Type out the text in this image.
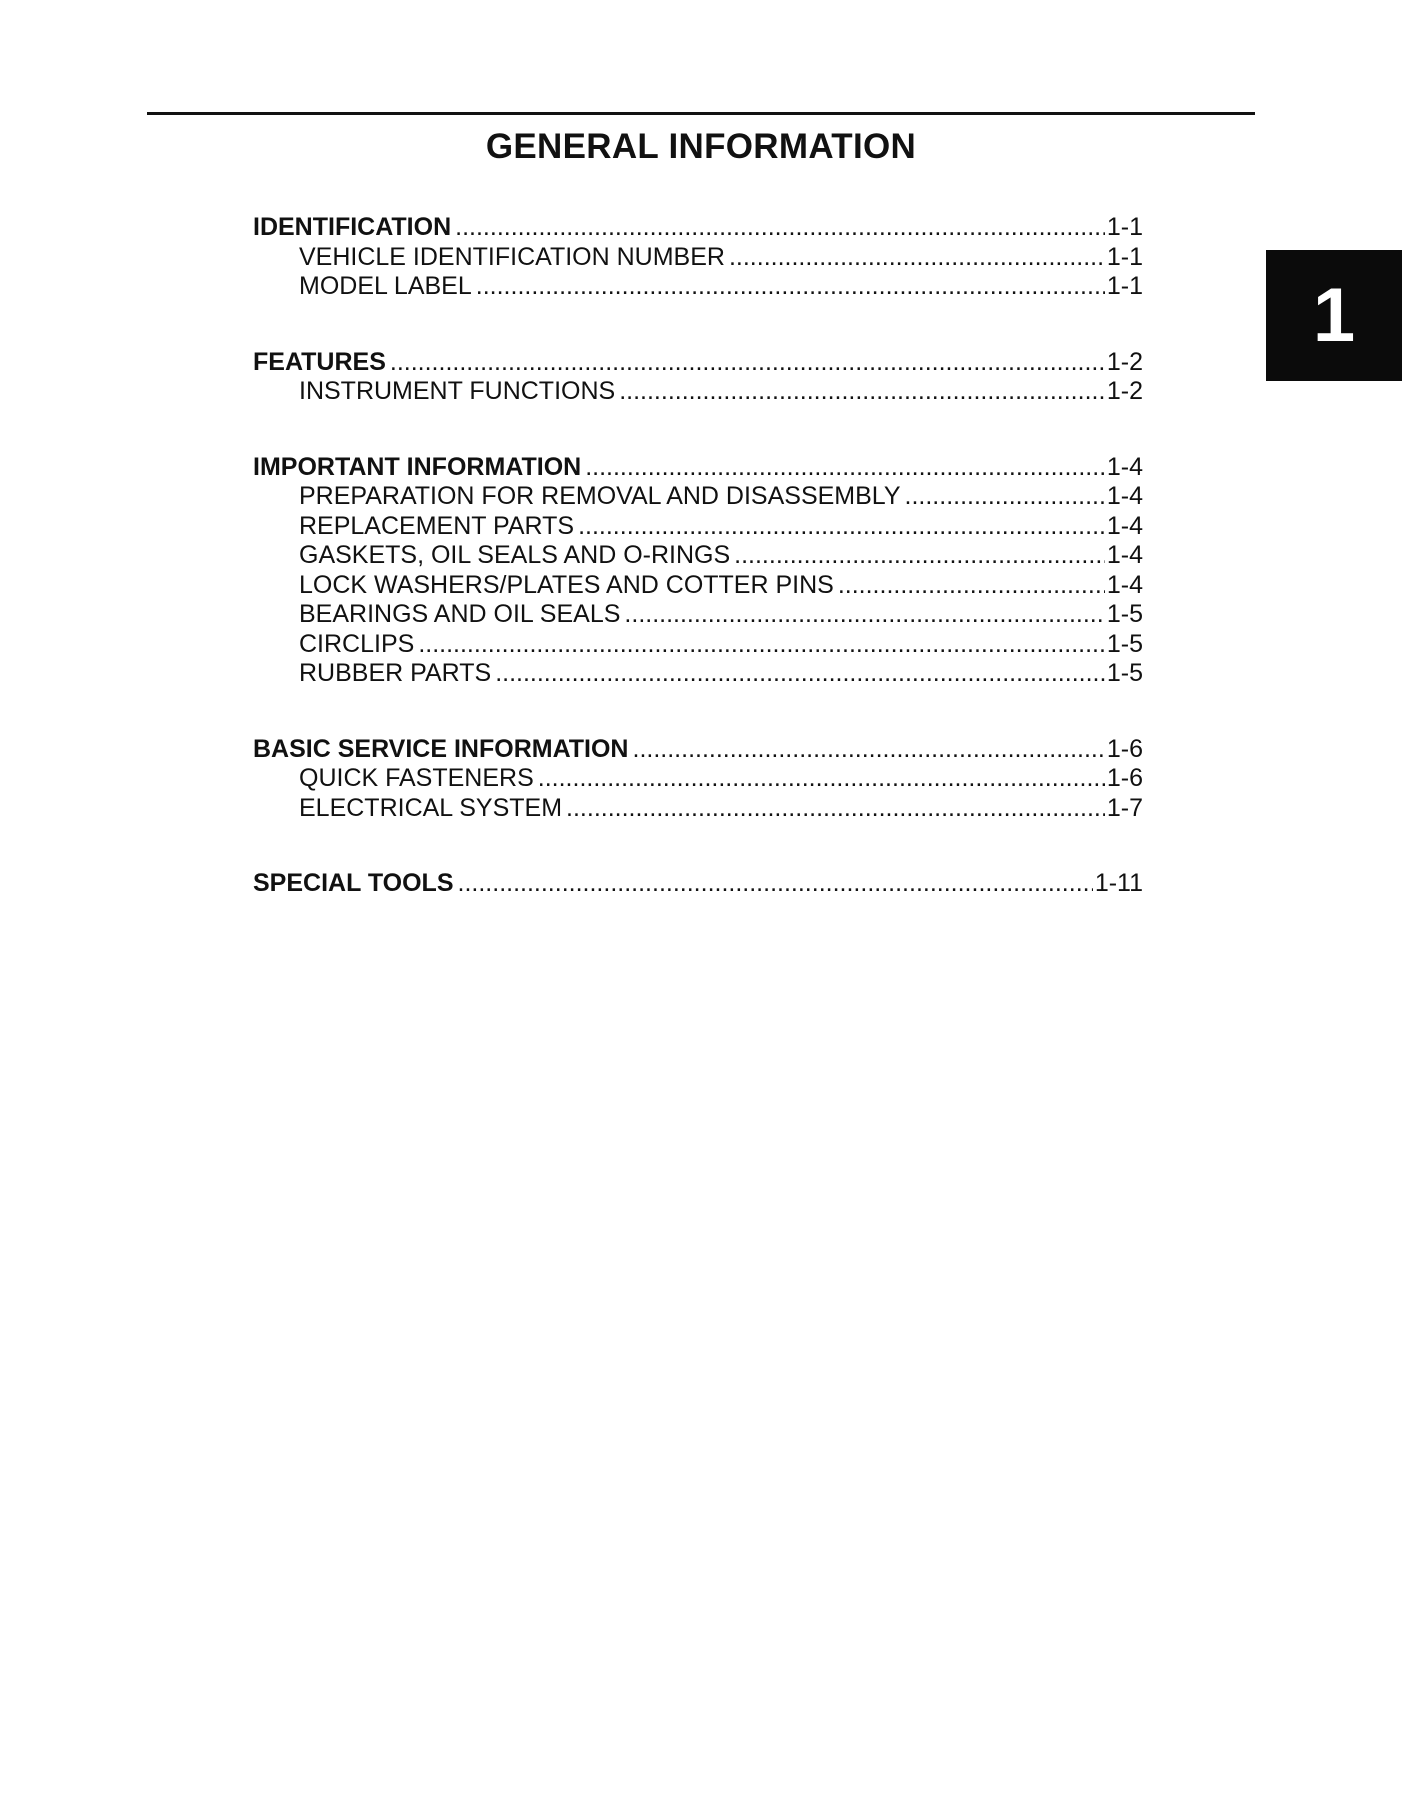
GENERAL INFORMATION
1
IDENTIFICATION .....	1-1
VEHICLE IDENTIFICATION NUMBER .....	1-1
MODEL LABEL .....	1-1
FEATURES .....	1-2
INSTRUMENT FUNCTIONS .....	1-2
IMPORTANT INFORMATION .....	1-4
PREPARATION FOR REMOVAL AND DISASSEMBLY .....	1-4
REPLACEMENT PARTS .....	1-4
GASKETS, OIL SEALS AND O-RINGS .....	1-4
LOCK WASHERS/PLATES AND COTTER PINS .....	1-4
BEARINGS AND OIL SEALS .....	1-5
CIRCLIPS .....	1-5
RUBBER PARTS .....	1-5
BASIC SERVICE INFORMATION .....	1-6
QUICK FASTENERS .....	1-6
ELECTRICAL SYSTEM .....	1-7
SPECIAL TOOLS .....	1-11
